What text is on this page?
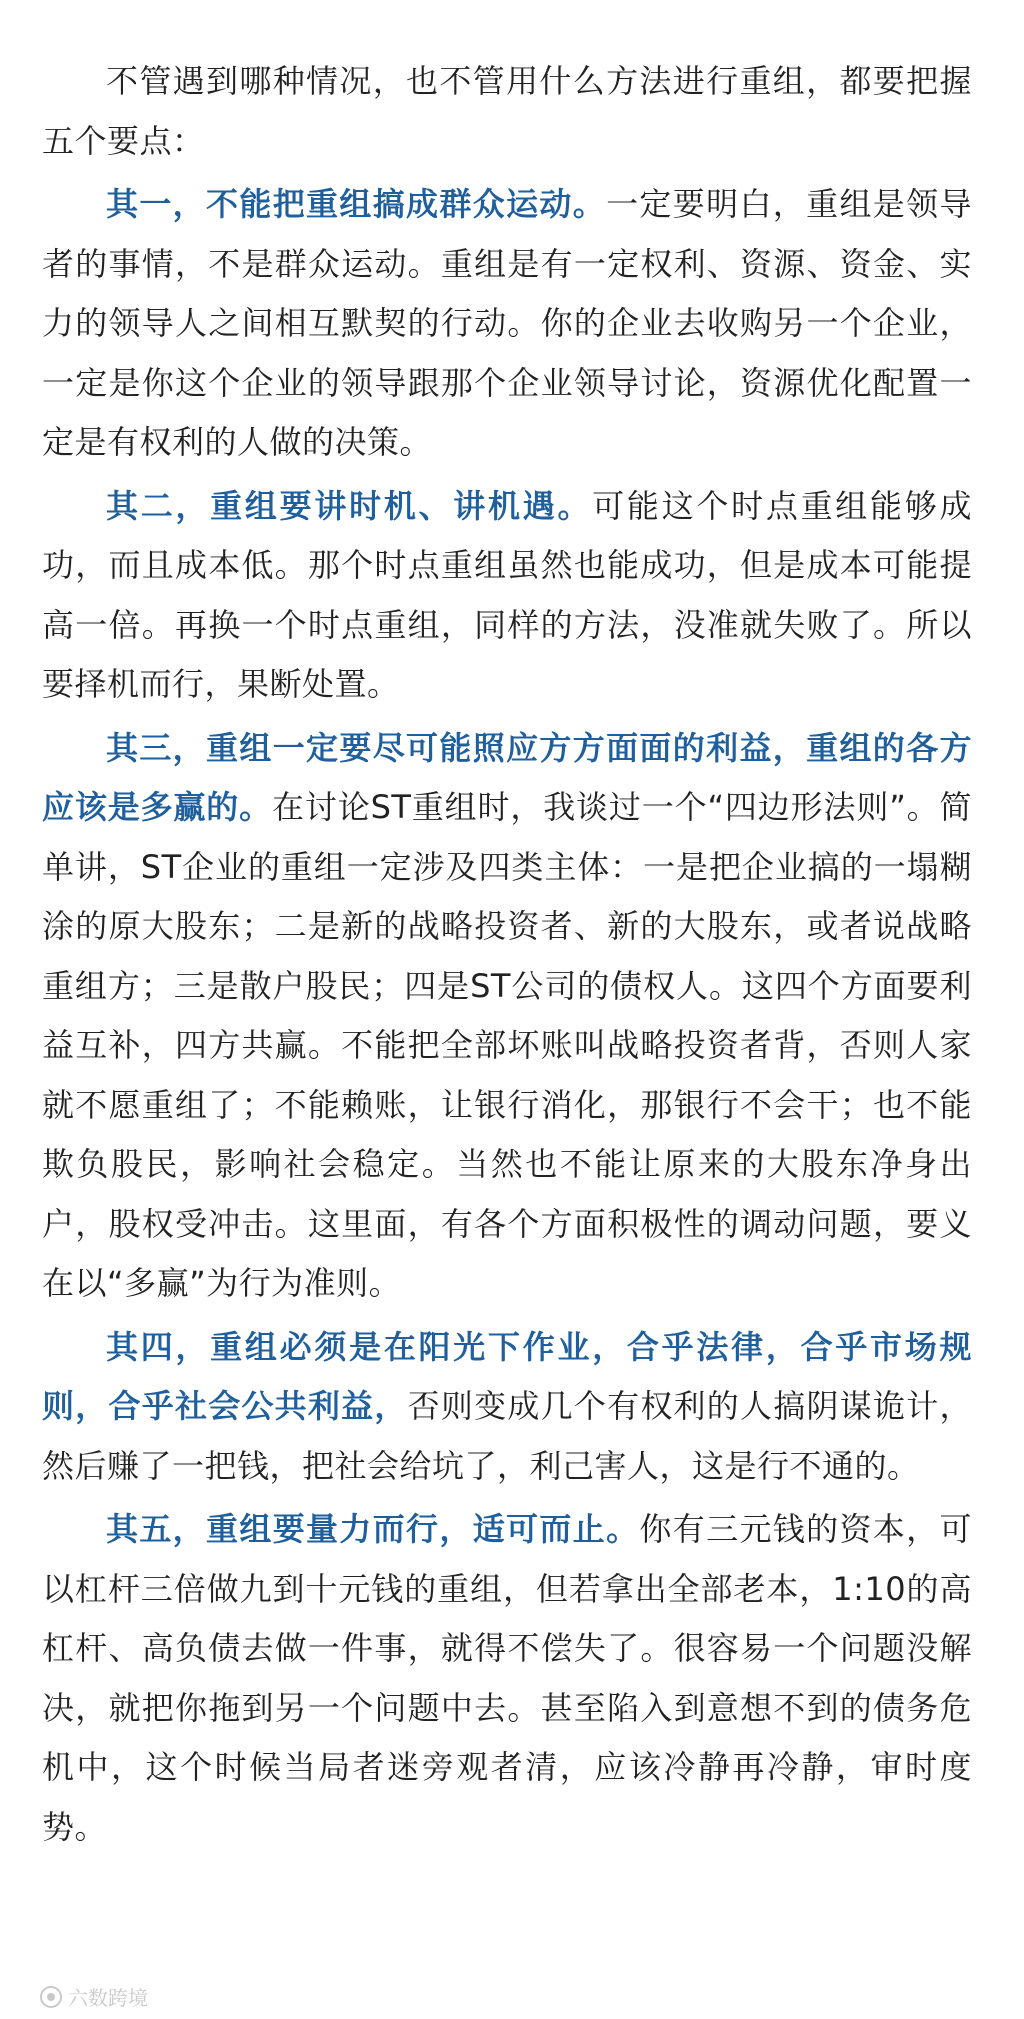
不管遇到哪种情况，也不管用什么方法进行重组，都要把握五个要点：

其一，不能把重组搞成群众运动。一定要明白，重组是领导者的事情，不是群众运动。重组是有一定权利、资源、资金、实力的领导人之间相互默契的行动。你的企业去收购另一个企业，一定是你这个企业的领导跟那个企业领导讨论，资源优化配置一定是有权利的人做的决策。

其二，重组要讲时机、讲机遇。可能这个时点重组能够成功，而且成本低。那个时点重组虽然也能成功，但是成本可能提高一倍。再换一个时点重组，同样的方法，没准就失败了。所以要择机而行，果断处置。

其三，重组一定要尽可能照应方方面面的利益，重组的各方应该是多赢的。在讨论ST重组时，我谈过一个“四边形法则”。简单讲，ST企业的重组一定涉及四类主体：一是把企业搞的一塌糊涂的原大股东；二是新的战略投资者、新的大股东，或者说战略重组方；三是散户股民；四是ST公司的债权人。这四个方面要利益互补，四方共赢。不能把全部坏账叫战略投资者背，否则人家就不愿重组了；不能赖账，让银行消化，那银行不会干；也不能欺负股民，影响社会稳定。当然也不能让原来的大股东净身出户，股权受冲击。这里面，有各个方面积极性的调动问题，要义在以“多赢”为行为准则。

其四，重组必须是在阳光下作业，合乎法律，合乎市场规则，合乎社会公共利益，否则变成几个有权利的人搞阴谋诡计，然后赚了一把钱，把社会给坑了，利己害人，这是行不通的。

其五，重组要量力而行，适可而止。你有三元钱的资本，可以杠杆三倍做九到十元钱的重组，但若拿出全部老本，1:10的高杠杆、高负债去做一件事，就得不偿失了。很容易一个问题没解决，就把你拖到另一个问题中去。甚至陷入到意想不到的债务危机中，这个时候当局者迷旁观者清，应该冷静再冷静，审时度势。

六数跨境
